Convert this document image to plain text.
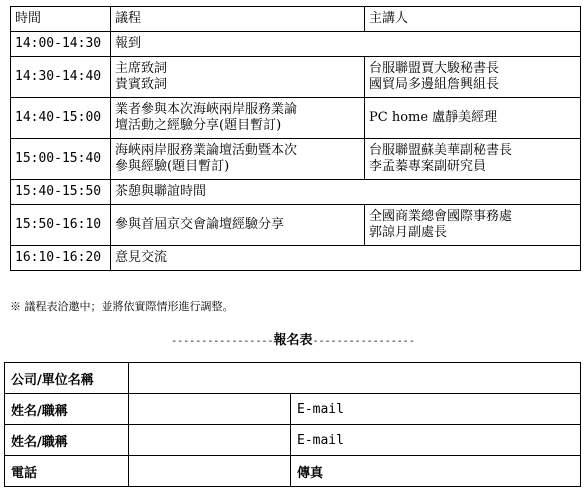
時間	議程	主講人
14:00-14:30	報到	

14:30-14:40	主席致詞
貴賓致詞	台服聯盟賈大駿秘書長
國貿局多邊組詹興組長

14:40-15:00	業者參與本次海峽兩岸服務業論
壇活動之經驗分享(題目暫訂)	PC home 盧靜美經理

15:00-15:40	海峽兩岸服務業論壇活動暨本次
參與經驗(題目暫訂)	台服聯盟蘇美華副秘書長
李孟蓁專案副研究員

15:40-15:50	茶憩與聯誼時間	

15:50-16:10	參與首屆京交會論壇經驗分享	全國商業總會國際事務處
郭諒月副處長

16:10-16:20	意見交流	
※ 議程表洽邀中；並將依實際情形進行調整。
-----------------報名表-----------------
公司/單位名稱		
姓名/職稱		E-mail
姓名/職稱		E-mail
電話		傳真
